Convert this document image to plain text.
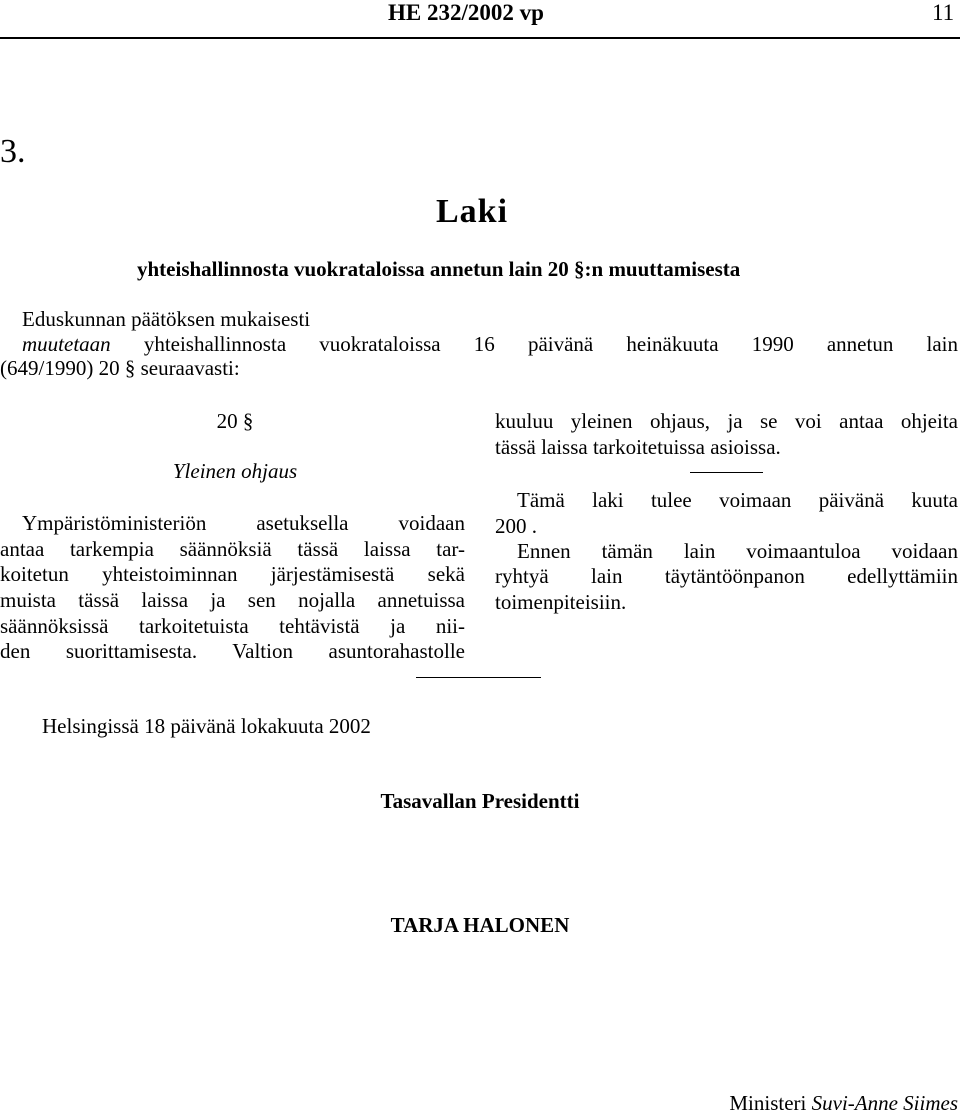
HE 232/2002 vp	11
3.
Laki
yhteishallinnosta vuokrataloissa annetun lain 20 §:n muuttamisesta
Eduskunnan päätöksen mukaisesti
muutetaan yhteishallinnosta vuokrataloissa 16 päivänä heinäkuuta 1990 annetun lain
(649/1990) 20 § seuraavasti:
20 §
Yleinen ohjaus
Ympäristöministeriön asetuksella voidaan
antaa tarkempia säännöksiä tässä laissa tar-
koitetun yhteistoiminnan järjestämisestä sekä
muista tässä laissa ja sen nojalla annetuissa
säännöksissä tarkoitetuista tehtävistä ja nii-
den suorittamisesta. Valtion asuntorahastolle
kuuluu yleinen ohjaus, ja se voi antaa ohjeita
tässä laissa tarkoitetuissa asioissa.
Tämä laki tulee voimaan päivänä kuuta
200 .
Ennen tämän lain voimaantuloa voidaan
ryhtyä lain täytäntöönpanon edellyttämiin
toimenpiteisiin.
Helsingissä 18 päivänä lokakuuta 2002
Tasavallan Presidentti
TARJA HALONEN
Ministeri Suvi-Anne Siimes
